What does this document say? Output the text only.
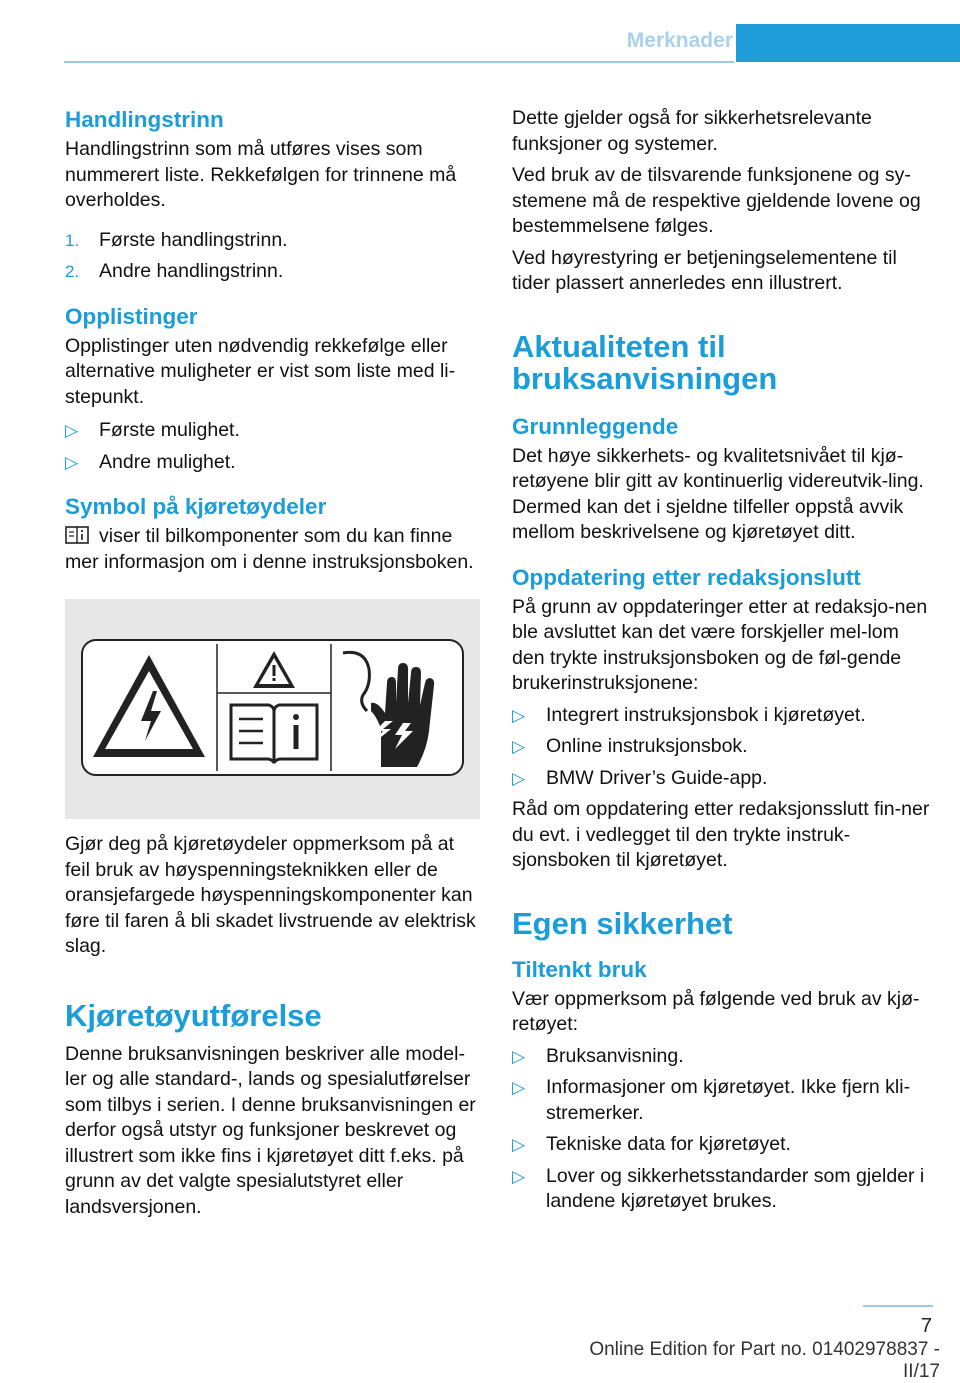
Merknader
Handlingstrinn

Handlingstrinn som må utføres vises som nummerert liste. Rekkefølgen for trinnene må overholdes.

1. Første handlingstrinn.
2. Andre handlingstrinn.
Opplistinger

Opplistinger uten nødvendig rekkefølge eller alternative muligheter er vist som liste med li-stepunkt.

▷ Første mulighet.
▷ Andre mulighet.
Symbol på kjøretøydeler

viser til bilkomponenter som du kan finne mer informasjon om i denne instruksjonsboken.

Gjør deg på kjøretøydeler oppmerksom på at feil bruk av høyspenningsteknikken eller de oransjefargede høyspenningskomponenter kan føre til faren å bli skadet livstruende av elektrisk slag.

Kjøretøyutførelse

Denne bruksanvisningen beskriver alle model-ler og alle standard-, lands og spesialutførelser som tilbys i serien. I denne bruksanvisningen er derfor også utstyr og funksjoner beskrevet og illustrert som ikke fins i kjøretøyet ditt f.eks. på grunn av det valgte spesialutstyret eller landsversjonen.

Dette gjelder også for sikkerhetsrelevante funksjoner og systemer.

Ved bruk av de tilsvarende funksjonene og sy-stemene må de respektive gjeldende lovene og bestemmelsene følges.

Ved høyrestyring er betjeningselementene til tider plassert annerledes enn illustrert.

Aktualiteten til bruksanvisningen
Grunnleggende

Det høye sikkerhets- og kvalitetsnivået til kjø-retøyene blir gitt av kontinuerlig videreutvik-ling. Dermed kan det i sjeldne tilfeller oppstå avvik mellom beskrivelsene og kjøretøyet ditt.

Oppdatering etter redaksjonslutt

På grunn av oppdateringer etter at redaksjo-nen ble avsluttet kan det være forskjeller mel-lom den trykte instruksjonsboken og de føl-gende brukerinstruksjonene:

▷ Integrert instruksjonsbok i kjøretøyet.
▷ Online instruksjonsbok.
▷ BMW Driver’s Guide-app.

Råd om oppdatering etter redaksjonsslutt fin-ner du evt. i vedlegget til den trykte instruk-sjonsboken til kjøretøyet.

Egen sikkerhet
Tiltenkt bruk

Vær oppmerksom på følgende ved bruk av kjø-retøyet:

▷ Bruksanvisning.
▷ Informasjoner om kjøretøyet. Ikke fjern kli-stremerker.
▷ Tekniske data for kjøretøyet.
▷ Lover og sikkerhetsstandarder som gjelder i landene kjøretøyet brukes.
7
Online Edition for Part no. 01402978837 - II/17
